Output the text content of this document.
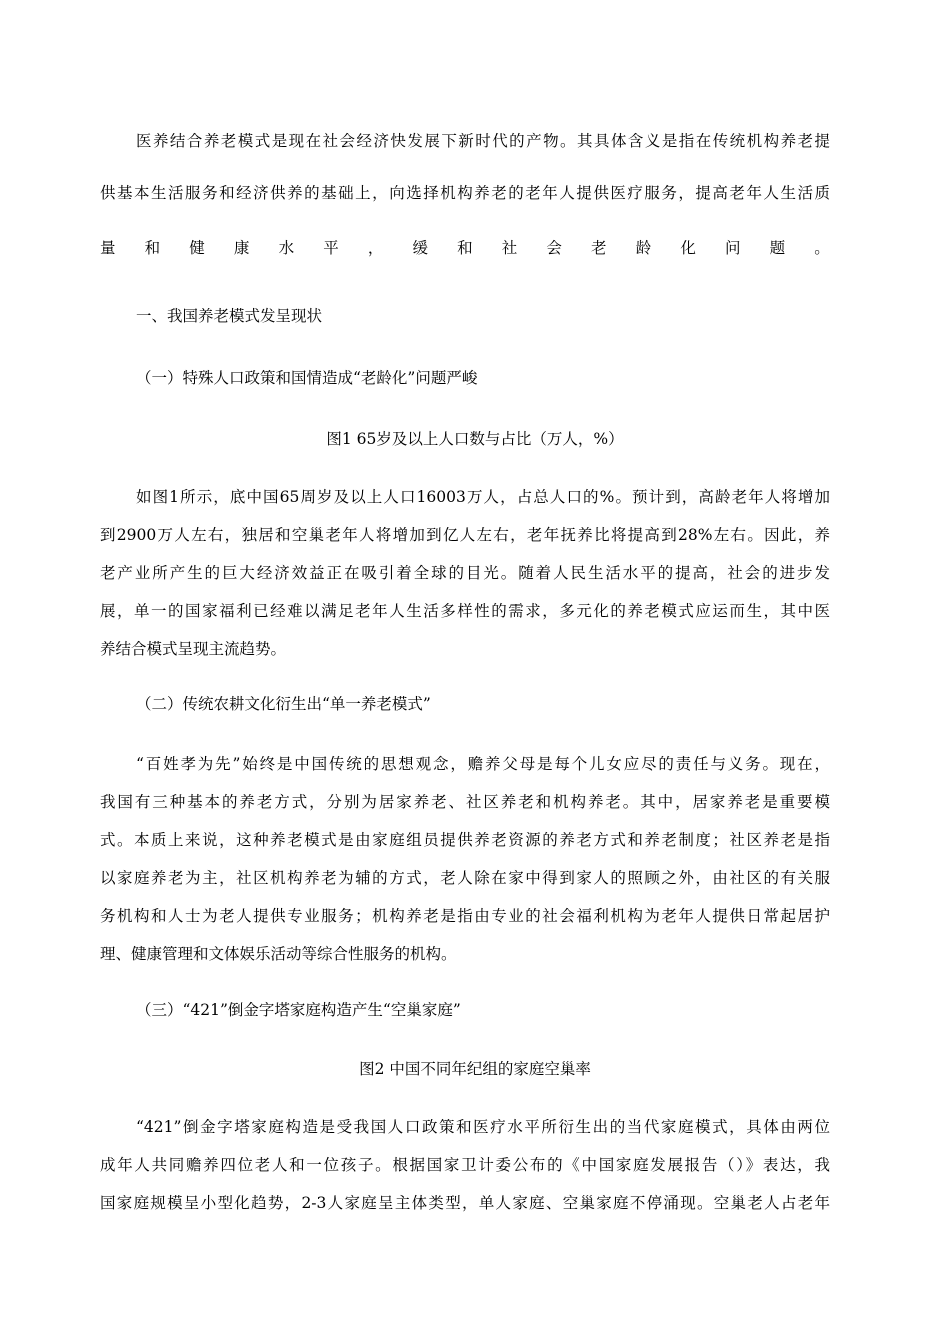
医养结合养老模式是现在社会经济快发展下新时代的产物。其具体含义是指在传统机构养老提
供基本生活服务和经济供养的基础上，向选择机构养老的老年人提供医疗服务，提高老年人生活质
量 和 健 康 水 平 ， 缓 和 社 会 老 龄 化 问 题 。
一、我国养老模式发呈现状
（一）特殊人口政策和国情造成“老龄化”问题严峻
图1 65岁及以上人口数与占比（万人，%）
如图1所示，底中国65周岁及以上人口16003万人，占总人口的%。预计到，高龄老年人将增加
到2900万人左右，独居和空巢老年人将增加到亿人左右，老年抚养比将提高到28%左右。因此，养
老产业所产生的巨大经济效益正在吸引着全球的目光。随着人民生活水平的提高，社会的进步发
展，单一的国家福利已经难以满足老年人生活多样性的需求，多元化的养老模式应运而生，其中医
养结合模式呈现主流趋势。
（二）传统农耕文化衍生出“单一养老模式”
“百姓孝为先”始终是中国传统的思想观念，赡养父母是每个儿女应尽的责任与义务。现在，
我国有三种基本的养老方式，分别为居家养老、社区养老和机构养老。其中，居家养老是重要模
式。本质上来说，这种养老模式是由家庭组员提供养老资源的养老方式和养老制度；社区养老是指
以家庭养老为主，社区机构养老为辅的方式，老人除在家中得到家人的照顾之外，由社区的有关服
务机构和人士为老人提供专业服务；机构养老是指由专业的社会福利机构为老年人提供日常起居护
理、健康管理和文体娱乐活动等综合性服务的机构。
（三）“421”倒金字塔家庭构造产生“空巢家庭”
图2 中国不同年纪组的家庭空巢率
“421”倒金字塔家庭构造是受我国人口政策和医疗水平所衍生出的当代家庭模式，具体由两位
成年人共同赡养四位老人和一位孩子。根据国家卫计委公布的《中国家庭发展报告（）》表达，我
国家庭规模呈小型化趋势，2-3人家庭呈主体类型，单人家庭、空巢家庭不停涌现。空巢老人占老年
